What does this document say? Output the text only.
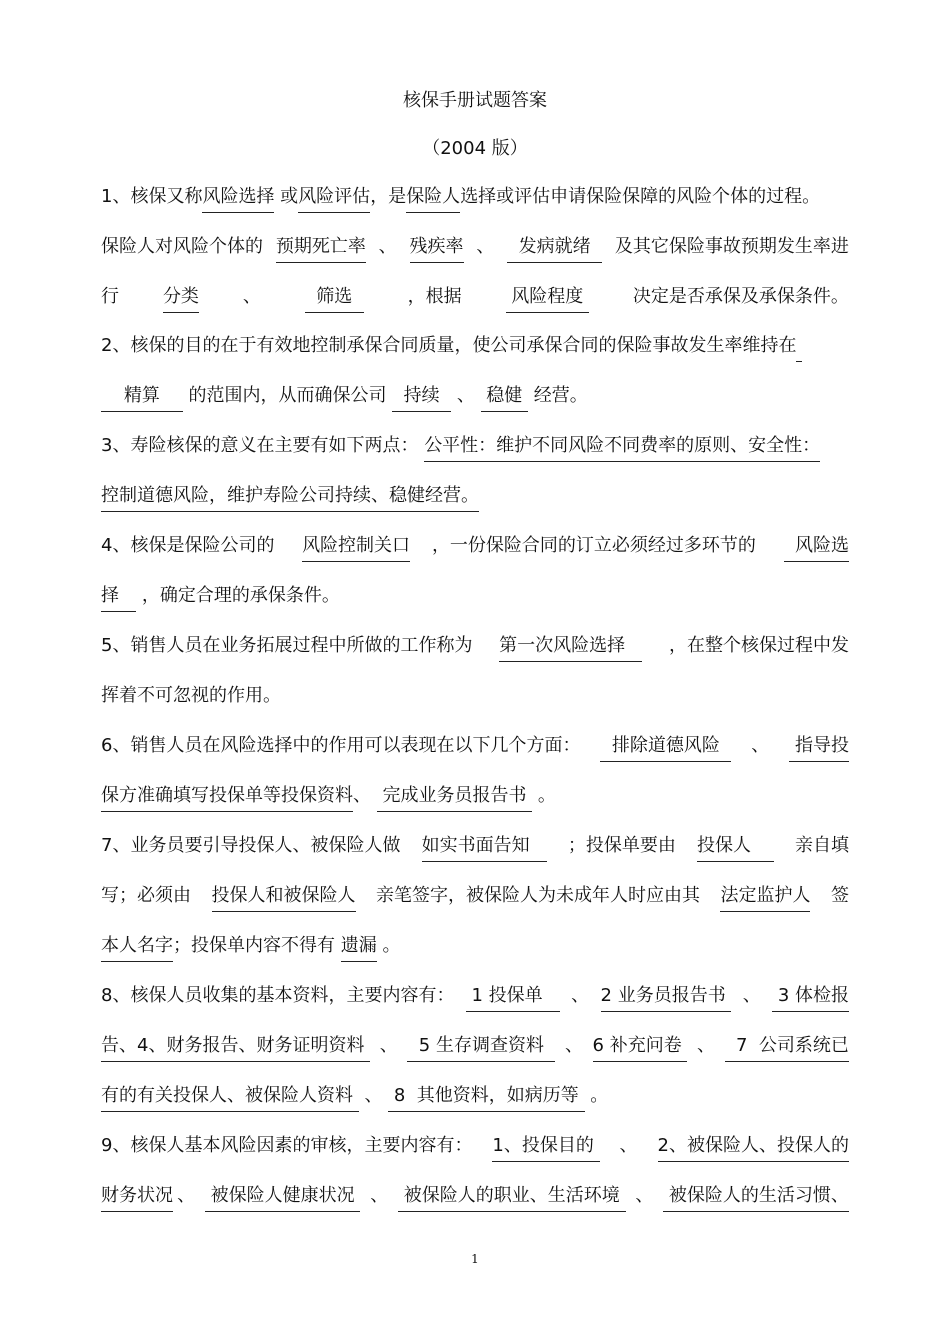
核保手册试题答案
（2004 版）
1、核保又称风险选择 或风险评估，是保险人选择或评估申请保险保障的风险个体的过程。
保险人对风险个体的 预期死亡率 、 残疾率 、 发病就绪 及其它保险事故预期发生率进
行 分类 、 筛选 ，根据 风险程度 决定是否承保及承保条件。
2、核保的目的在于有效地控制承保合同质量，使公司承保合同的保险事故发生率维持在
精算     的范围内，从而确保公司   持续   、  稳健  经营。
3、寿险核保的意义在主要有如下两点： 公平性：维护不同风险不同费率的原则、安全性：
控制道德风险，维护寿险公司持续、稳健经营。
4、核保是保险公司的 风险控制关口 ，一份保险合同的订立必须经过多环节的 风险选
择    ，确定合理的承保条件。
5、销售人员在业务拓展过程中所做的工作称为 第一次风险选择 ，在整个核保过程中发
挥着不可忽视的作用。
6、销售人员在风险选择中的作用可以表现在以下几个方面： 排除道德风险 、 指导投
保方准确填写投保单等投保资料、  完成业务员报告书  。
7、业务员要引导投保人、被保险人做 如实书面告知 ；投保单要由 投保人 亲自填
写；必须由 投保人和被保险人 亲笔签字，被保险人为未成年人时应由其 法定监护人 签
本人名字；投保单内容不得有 遗漏 。
8、核保人员收集的基本资料，主要内容有： 1 投保单 、 2 业务员报告书 、 3 体检报
告、4、财务报告、财务证明资料 、 5 生存调查资料 、 6 补充问卷 、 7  公司系统已
有的有关投保人、被保险人资料  、  8  其他资料，如病历等  。
9、核保人基本风险因素的审核，主要内容有： 1、投保目的 、 2、被保险人、投保人的
财务状况 、 被保险人健康状况 、 被保险人的职业、生活环境 、 被保险人的生活习惯、
1
